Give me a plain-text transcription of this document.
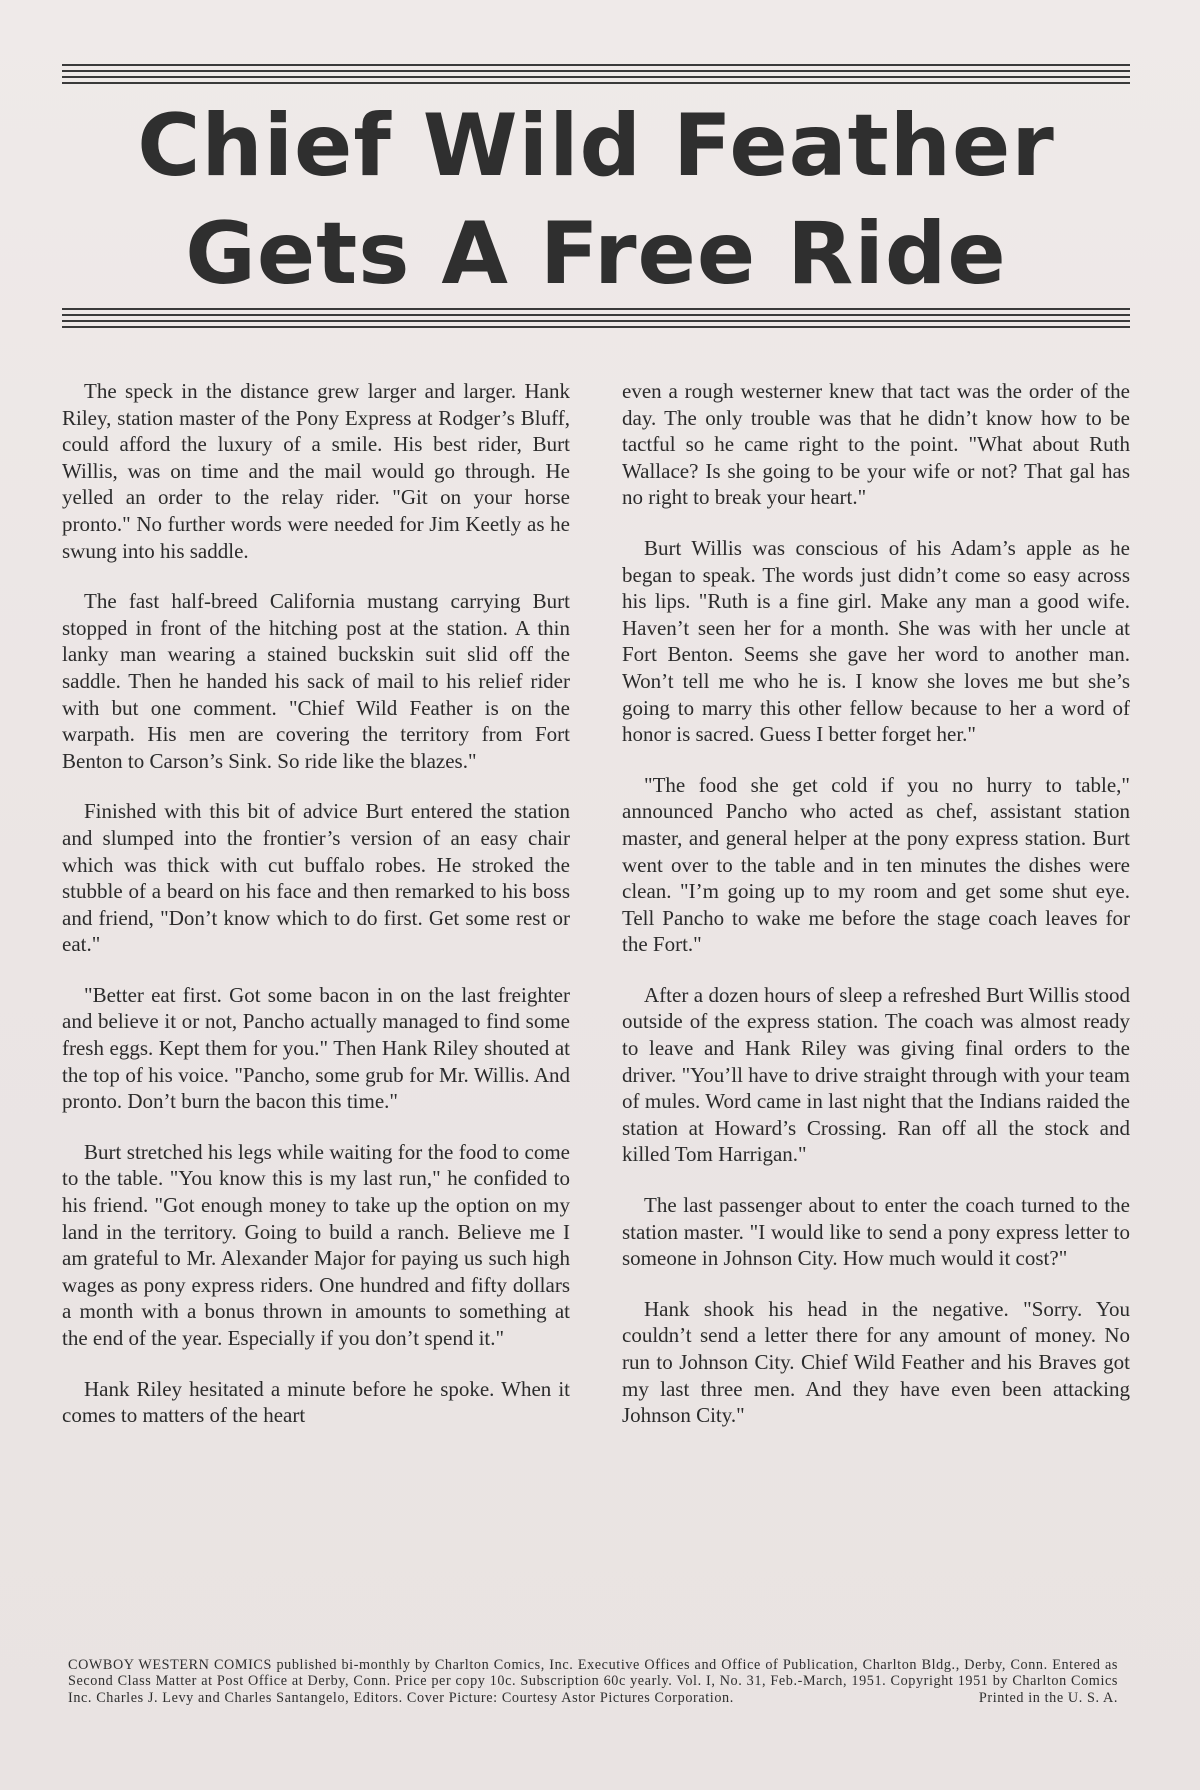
Chief Wild Feather
Gets A Free Ride

The speck in the distance grew larger and larger. Hank Riley, station master of the Pony Express at Rodger’s Bluff, could afford the luxury of a smile. His best rider, Burt Willis, was on time and the mail would go through. He yelled an order to the relay rider. "Git on your horse pronto." No further words were needed for Jim Keetly as he swung into his saddle.

The fast half-breed California mustang carrying Burt stopped in front of the hitching post at the station. A thin lanky man wearing a stained buckskin suit slid off the saddle. Then he handed his sack of mail to his relief rider with but one comment. "Chief Wild Feather is on the warpath. His men are covering the territory from Fort Benton to Carson’s Sink. So ride like the blazes."

Finished with this bit of advice Burt entered the station and slumped into the frontier’s version of an easy chair which was thick with cut buffalo robes. He stroked the stubble of a beard on his face and then remarked to his boss and friend, "Don’t know which to do first. Get some rest or eat."

"Better eat first. Got some bacon in on the last freighter and believe it or not, Pancho actually managed to find some fresh eggs. Kept them for you." Then Hank Riley shouted at the top of his voice. "Pancho, some grub for Mr. Willis. And pronto. Don’t burn the bacon this time."

Burt stretched his legs while waiting for the food to come to the table. "You know this is my last run," he confided to his friend. "Got enough money to take up the option on my land in the territory. Going to build a ranch. Believe me I am grateful to Mr. Alexander Major for paying us such high wages as pony express riders. One hundred and fifty dollars a month with a bonus thrown in amounts to something at the end of the year. Especially if you don’t spend it."

Hank Riley hesitated a minute before he spoke. When it comes to matters of the heart

even a rough westerner knew that tact was the order of the day. The only trouble was that he didn’t know how to be tactful so he came right to the point. "What about Ruth Wallace? Is she going to be your wife or not? That gal has no right to break your heart."

Burt Willis was conscious of his Adam’s apple as he began to speak. The words just didn’t come so easy across his lips. "Ruth is a fine girl. Make any man a good wife. Haven’t seen her for a month. She was with her uncle at Fort Benton. Seems she gave her word to another man. Won’t tell me who he is. I know she loves me but she’s going to marry this other fellow because to her a word of honor is sacred. Guess I better forget her."

"The food she get cold if you no hurry to table," announced Pancho who acted as chef, assistant station master, and general helper at the pony express station. Burt went over to the table and in ten minutes the dishes were clean. "I’m going up to my room and get some shut eye. Tell Pancho to wake me before the stage coach leaves for the Fort."

After a dozen hours of sleep a refreshed Burt Willis stood outside of the express station. The coach was almost ready to leave and Hank Riley was giving final orders to the driver. "You’ll have to drive straight through with your team of mules. Word came in last night that the Indians raided the station at Howard’s Crossing. Ran off all the stock and killed Tom Harrigan."

The last passenger about to enter the coach turned to the station master. "I would like to send a pony express letter to someone in Johnson City. How much would it cost?"

Hank shook his head in the negative. "Sorry. You couldn’t send a letter there for any amount of money. No run to Johnson City. Chief Wild Feather and his Braves got my last three men. And they have even been attacking Johnson City."

COWBOY WESTERN COMICS published bi-monthly by Charlton Comics, Inc. Executive Offices and Office of Publication, Charlton Bldg., Derby, Conn. Entered as Second Class Matter at Post Office at Derby, Conn. Price per copy 10c. Subscription 60c yearly. Vol. I, No. 31, Feb.-March, 1951. Copyright 1951 by Charlton Comics Inc. Charles J. Levy and Charles Santangelo, Editors. Cover Picture: Courtesy Astor Pictures Corporation.	Printed in the U. S. A.
